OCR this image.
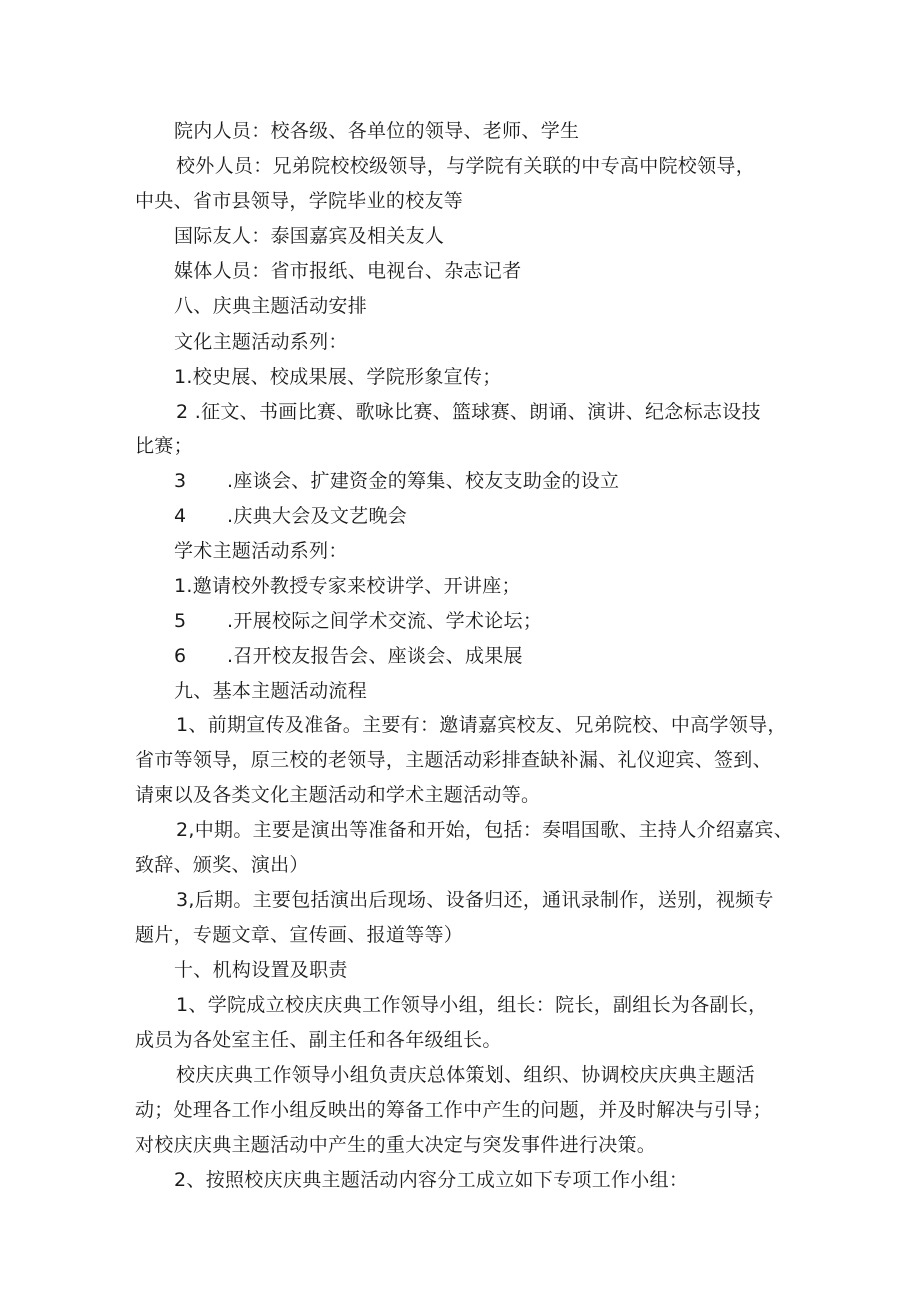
院内人员：校各级、各单位的领导、老师、学生
校外人员：兄弟院校校级领导，与学院有关联的中专高中院校领导，
中央、省市县领导，学院毕业的校友等
国际友人：泰国嘉宾及相关友人
媒体人员：省市报纸、电视台、杂志记者
八、庆典主题活动安排
文化主题活动系列：
1.校史展、校成果展、学院形象宣传；
2 .征文、书画比赛、歌咏比赛、篮球赛、朗诵、演讲、纪念标志设技
比赛；
3 .座谈会、扩建资金的筹集、校友支助金的设立
4 .庆典大会及文艺晚会
学术主题活动系列：
1.邀请校外教授专家来校讲学、开讲座；
5 .开展校际之间学术交流、学术论坛；
6 .召开校友报告会、座谈会、成果展
九、基本主题活动流程
1、前期宣传及准备。主要有：邀请嘉宾校友、兄弟院校、中高学领导，
省市等领导，原三校的老领导，主题活动彩排查缺补漏、礼仪迎宾、签到、
请柬以及各类文化主题活动和学术主题活动等。
2,中期。主要是演出等准备和开始，包括：奏唱国歌、主持人介绍嘉宾、
致辞、颁奖、演出）
3,后期。主要包括演出后现场、设备归还，通讯录制作，送别，视频专
题片，专题文章、宣传画、报道等等）
十、机构设置及职责
1、学院成立校庆庆典工作领导小组，组长：院长，副组长为各副长，
成员为各处室主任、副主任和各年级组长。
校庆庆典工作领导小组负责庆总体策划、组织、协调校庆庆典主题活
动；处理各工作小组反映出的筹备工作中产生的问题，并及时解决与引导；
对校庆庆典主题活动中产生的重大决定与突发事件进行决策。
2、按照校庆庆典主题活动内容分工成立如下专项工作小组：
